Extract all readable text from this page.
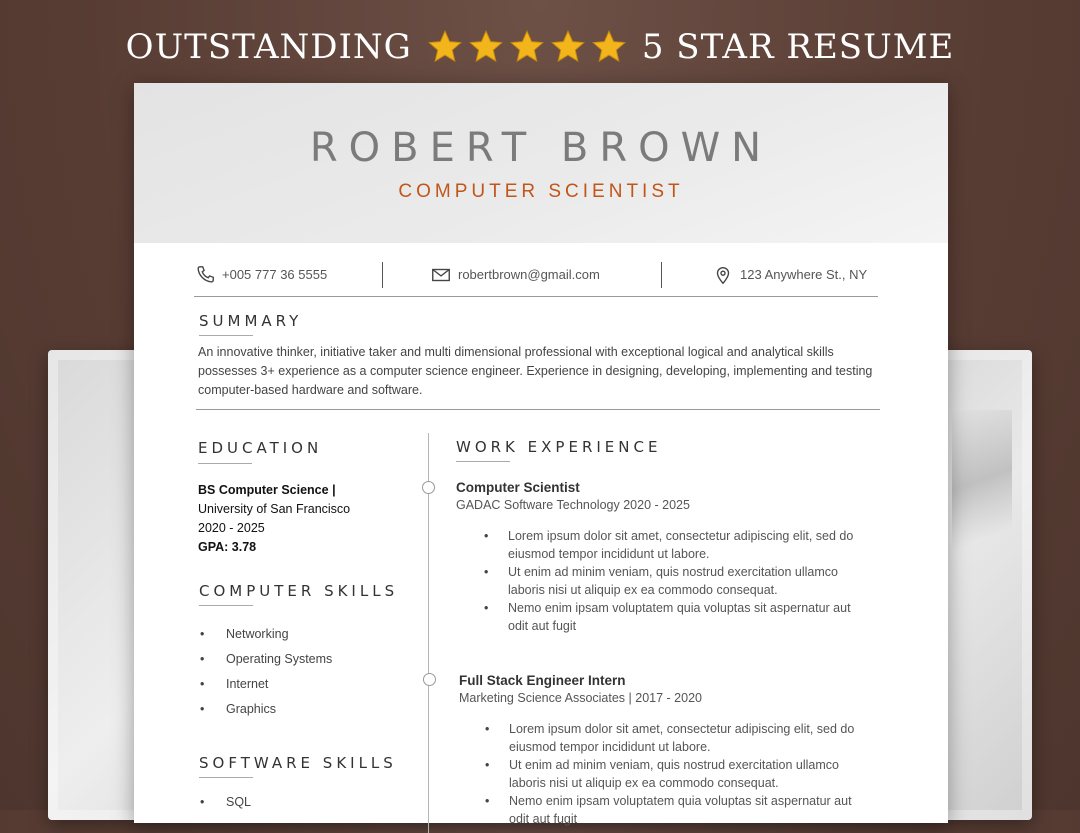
OUTSTANDING	5 STAR RESUME
ROBERT BROWN
COMPUTER SCIENTIST
+005 777 36 5555	robertbrown@gmail.com	123 Anywhere St., NY
SUMMARY
An innovative thinker, initiative taker and multi dimensional professional with exceptional logical and analytical skills possesses 3+ experience as a computer science engineer. Experience in designing, developing, implementing and testing computer-based hardware and software.
EDUCATION
BS Computer Science |
University of San Francisco
2020 - 2025
GPA: 3.78
COMPUTER SKILLS
• Networking
• Operating Systems
• Internet
• Graphics
SOFTWARE SKILLS
• SQL
WORK EXPERIENCE
Computer Scientist
GADAC Software Technology 2020 - 2025
• Lorem ipsum dolor sit amet, consectetur adipiscing elit, sed do eiusmod tempor incididunt ut labore.
• Ut enim ad minim veniam, quis nostrud exercitation ullamco laboris nisi ut aliquip ex ea commodo consequat.
• Nemo enim ipsam voluptatem quia voluptas sit aspernatur aut odit aut fugit
Full Stack Engineer Intern
Marketing Science Associates | 2017 - 2020
• Lorem ipsum dolor sit amet, consectetur adipiscing elit, sed do eiusmod tempor incididunt ut labore.
• Ut enim ad minim veniam, quis nostrud exercitation ullamco laboris nisi ut aliquip ex ea commodo consequat.
• Nemo enim ipsam voluptatem quia voluptas sit aspernatur aut odit aut fugit
